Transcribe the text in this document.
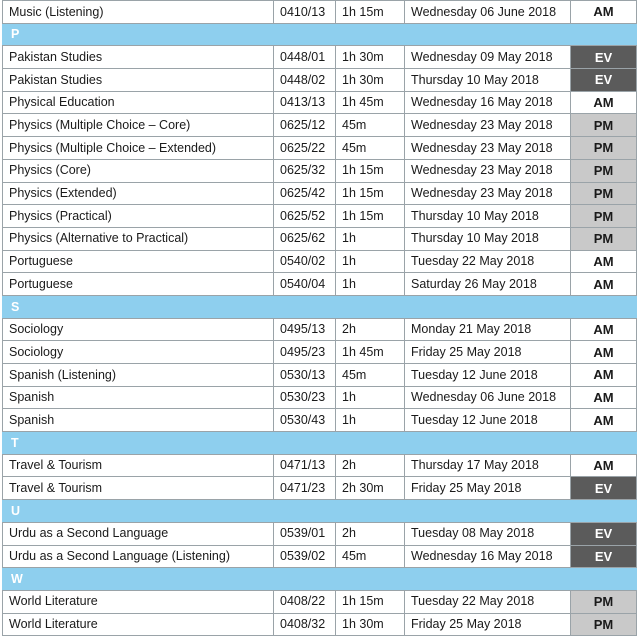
Music (Listening)	0410/13	1h 15m	Wednesday 06 June 2018	AM
P				
Pakistan Studies	0448/01	1h 30m	Wednesday 09 May 2018	EV
Pakistan Studies	0448/02	1h 30m	Thursday 10 May 2018	EV
Physical Education	0413/13	1h 45m	Wednesday 16 May 2018	AM
Physics (Multiple Choice – Core)	0625/12	45m	Wednesday 23 May 2018	PM
Physics (Multiple Choice – Extended)	0625/22	45m	Wednesday 23 May 2018	PM
Physics (Core)	0625/32	1h 15m	Wednesday 23 May 2018	PM
Physics (Extended)	0625/42	1h 15m	Wednesday 23 May 2018	PM
Physics (Practical)	0625/52	1h 15m	Thursday 10 May 2018	PM
Physics (Alternative to Practical)	0625/62	1h	Thursday 10 May 2018	PM
Portuguese	0540/02	1h	Tuesday 22 May 2018	AM
Portuguese	0540/04	1h	Saturday 26 May 2018	AM
S				
Sociology	0495/13	2h	Monday 21 May 2018	AM
Sociology	0495/23	1h 45m	Friday 25 May 2018	AM
Spanish (Listening)	0530/13	45m	Tuesday 12 June 2018	AM
Spanish	0530/23	1h	Wednesday 06 June 2018	AM
Spanish	0530/43	1h	Tuesday 12 June 2018	AM
T				
Travel & Tourism	0471/13	2h	Thursday 17 May 2018	AM
Travel & Tourism	0471/23	2h 30m	Friday 25 May 2018	EV
U				
Urdu as a Second Language	0539/01	2h	Tuesday 08 May 2018	EV
Urdu as a Second Language (Listening)	0539/02	45m	Wednesday 16 May 2018	EV
W				
World Literature	0408/22	1h 15m	Tuesday 22 May 2018	PM
World Literature	0408/32	1h 30m	Friday 25 May 2018	PM
